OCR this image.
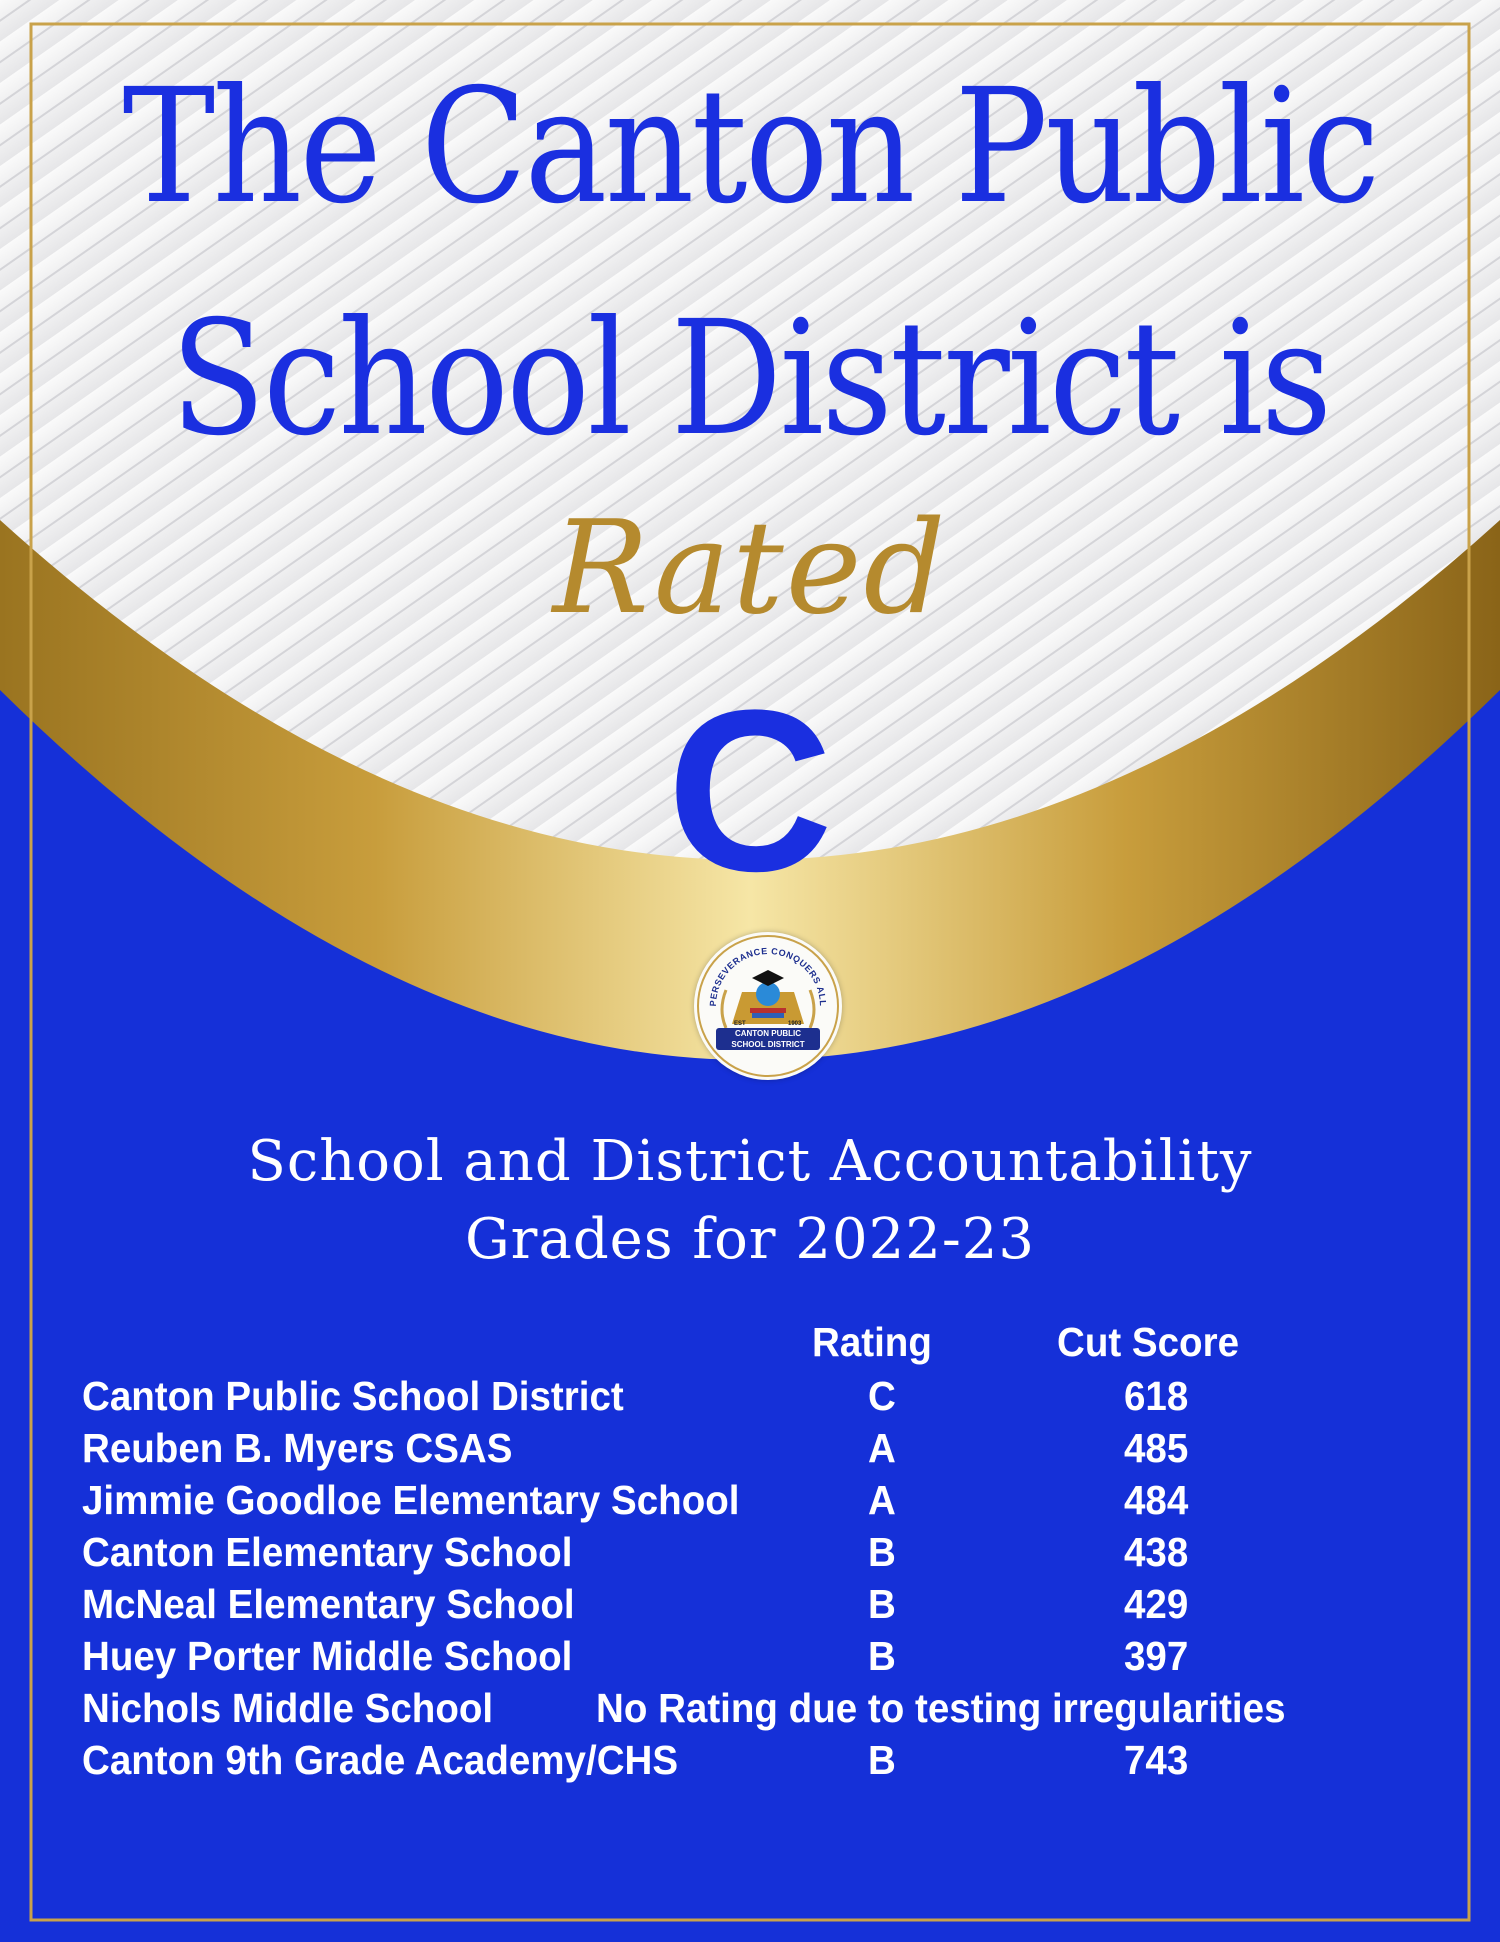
The Canton Public
School District is
Rated
C
PERSEVERANCE CONQUERS ALL
EST	1903
CANTON PUBLIC
SCHOOL DISTRICT
School and District Accountability
Grades for 2022-23
Rating	Cut Score
Canton Public School District	C	618
Reuben B. Myers CSAS	A	485
Jimmie Goodloe Elementary School	A	484
Canton Elementary School	B	438
McNeal Elementary School	B	429
Huey Porter Middle School	B	397
Nichols Middle School	No Rating due to testing irregularities
Canton 9th Grade Academy/CHS	B	743
